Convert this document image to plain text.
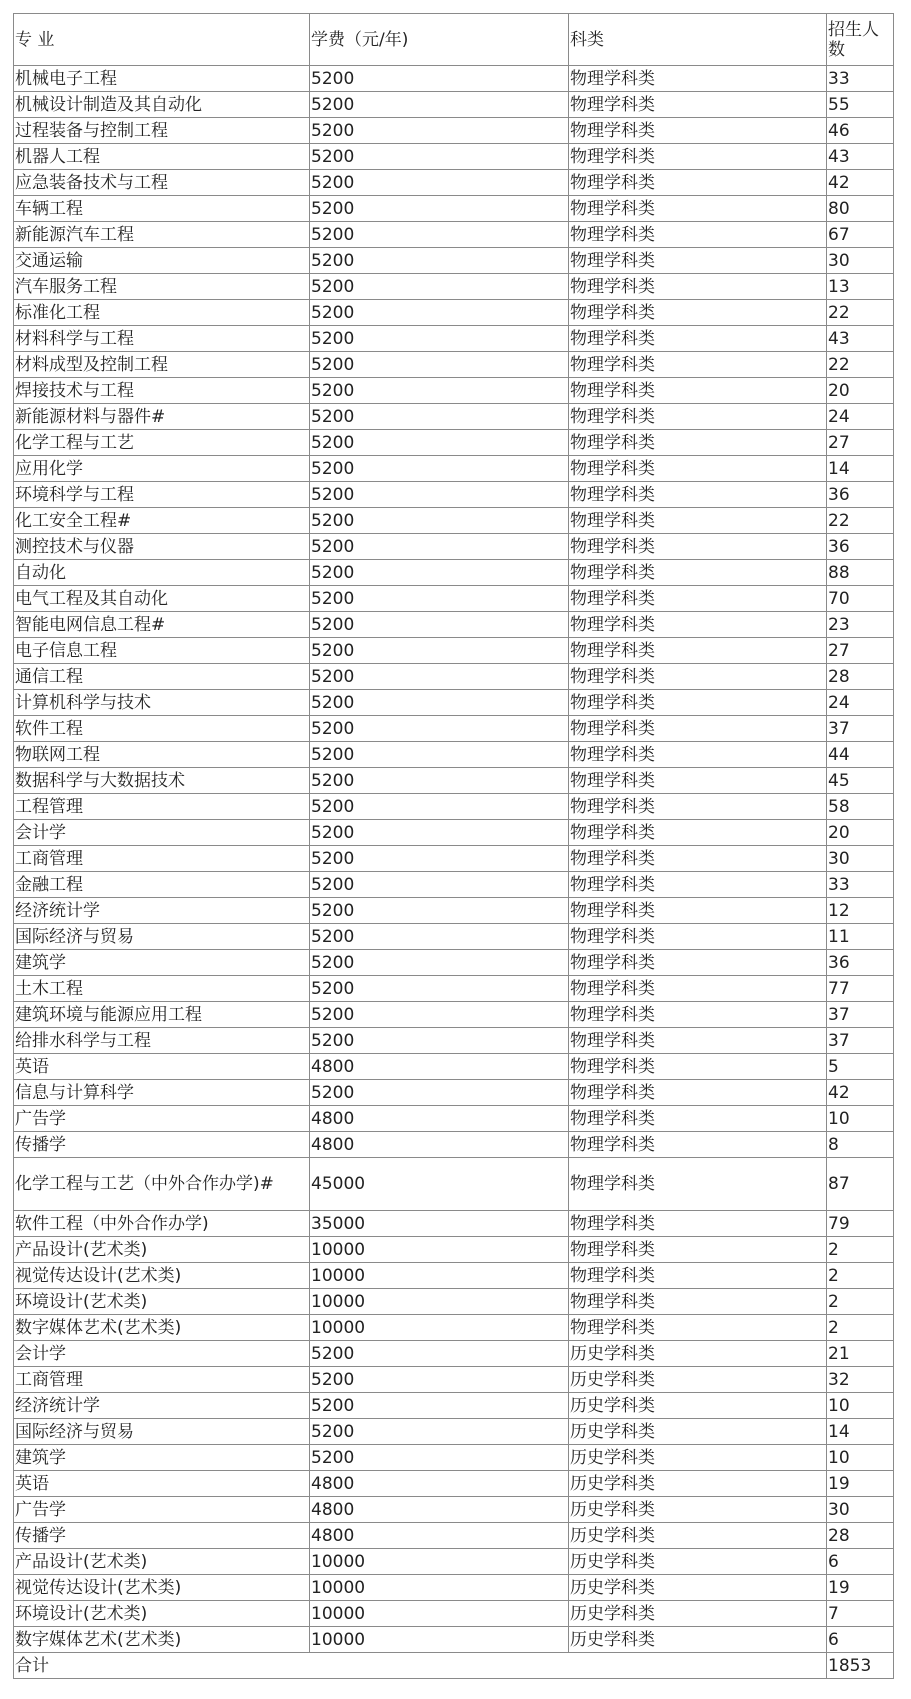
专 业	学费（元/年)	科类	招生人数
机械电子工程	5200	物理学科类	33
机械设计制造及其自动化	5200	物理学科类	55
过程装备与控制工程	5200	物理学科类	46
机器人工程	5200	物理学科类	43
应急装备技术与工程	5200	物理学科类	42
车辆工程	5200	物理学科类	80
新能源汽车工程	5200	物理学科类	67
交通运输	5200	物理学科类	30
汽车服务工程	5200	物理学科类	13
标准化工程	5200	物理学科类	22
材料科学与工程	5200	物理学科类	43
材料成型及控制工程	5200	物理学科类	22
焊接技术与工程	5200	物理学科类	20
新能源材料与器件#	5200	物理学科类	24
化学工程与工艺	5200	物理学科类	27
应用化学	5200	物理学科类	14
环境科学与工程	5200	物理学科类	36
化工安全工程#	5200	物理学科类	22
测控技术与仪器	5200	物理学科类	36
自动化	5200	物理学科类	88
电气工程及其自动化	5200	物理学科类	70
智能电网信息工程#	5200	物理学科类	23
电子信息工程	5200	物理学科类	27
通信工程	5200	物理学科类	28
计算机科学与技术	5200	物理学科类	24
软件工程	5200	物理学科类	37
物联网工程	5200	物理学科类	44
数据科学与大数据技术	5200	物理学科类	45
工程管理	5200	物理学科类	58
会计学	5200	物理学科类	20
工商管理	5200	物理学科类	30
金融工程	5200	物理学科类	33
经济统计学	5200	物理学科类	12
国际经济与贸易	5200	物理学科类	11
建筑学	5200	物理学科类	36
土木工程	5200	物理学科类	77
建筑环境与能源应用工程	5200	物理学科类	37
给排水科学与工程	5200	物理学科类	37
英语	4800	物理学科类	5
信息与计算科学	5200	物理学科类	42
广告学	4800	物理学科类	10
传播学	4800	物理学科类	8
化学工程与工艺（中外合作办学)#	45000	物理学科类	87
软件工程（中外合作办学)	35000	物理学科类	79
产品设计(艺术类)	10000	物理学科类	2
视觉传达设计(艺术类)	10000	物理学科类	2
环境设计(艺术类)	10000	物理学科类	2
数字媒体艺术(艺术类)	10000	物理学科类	2
会计学	5200	历史学科类	21
工商管理	5200	历史学科类	32
经济统计学	5200	历史学科类	10
国际经济与贸易	5200	历史学科类	14
建筑学	5200	历史学科类	10
英语	4800	历史学科类	19
广告学	4800	历史学科类	30
传播学	4800	历史学科类	28
产品设计(艺术类)	10000	历史学科类	6
视觉传达设计(艺术类)	10000	历史学科类	19
环境设计(艺术类)	10000	历史学科类	7
数字媒体艺术(艺术类)	10000	历史学科类	6
合计			1853
